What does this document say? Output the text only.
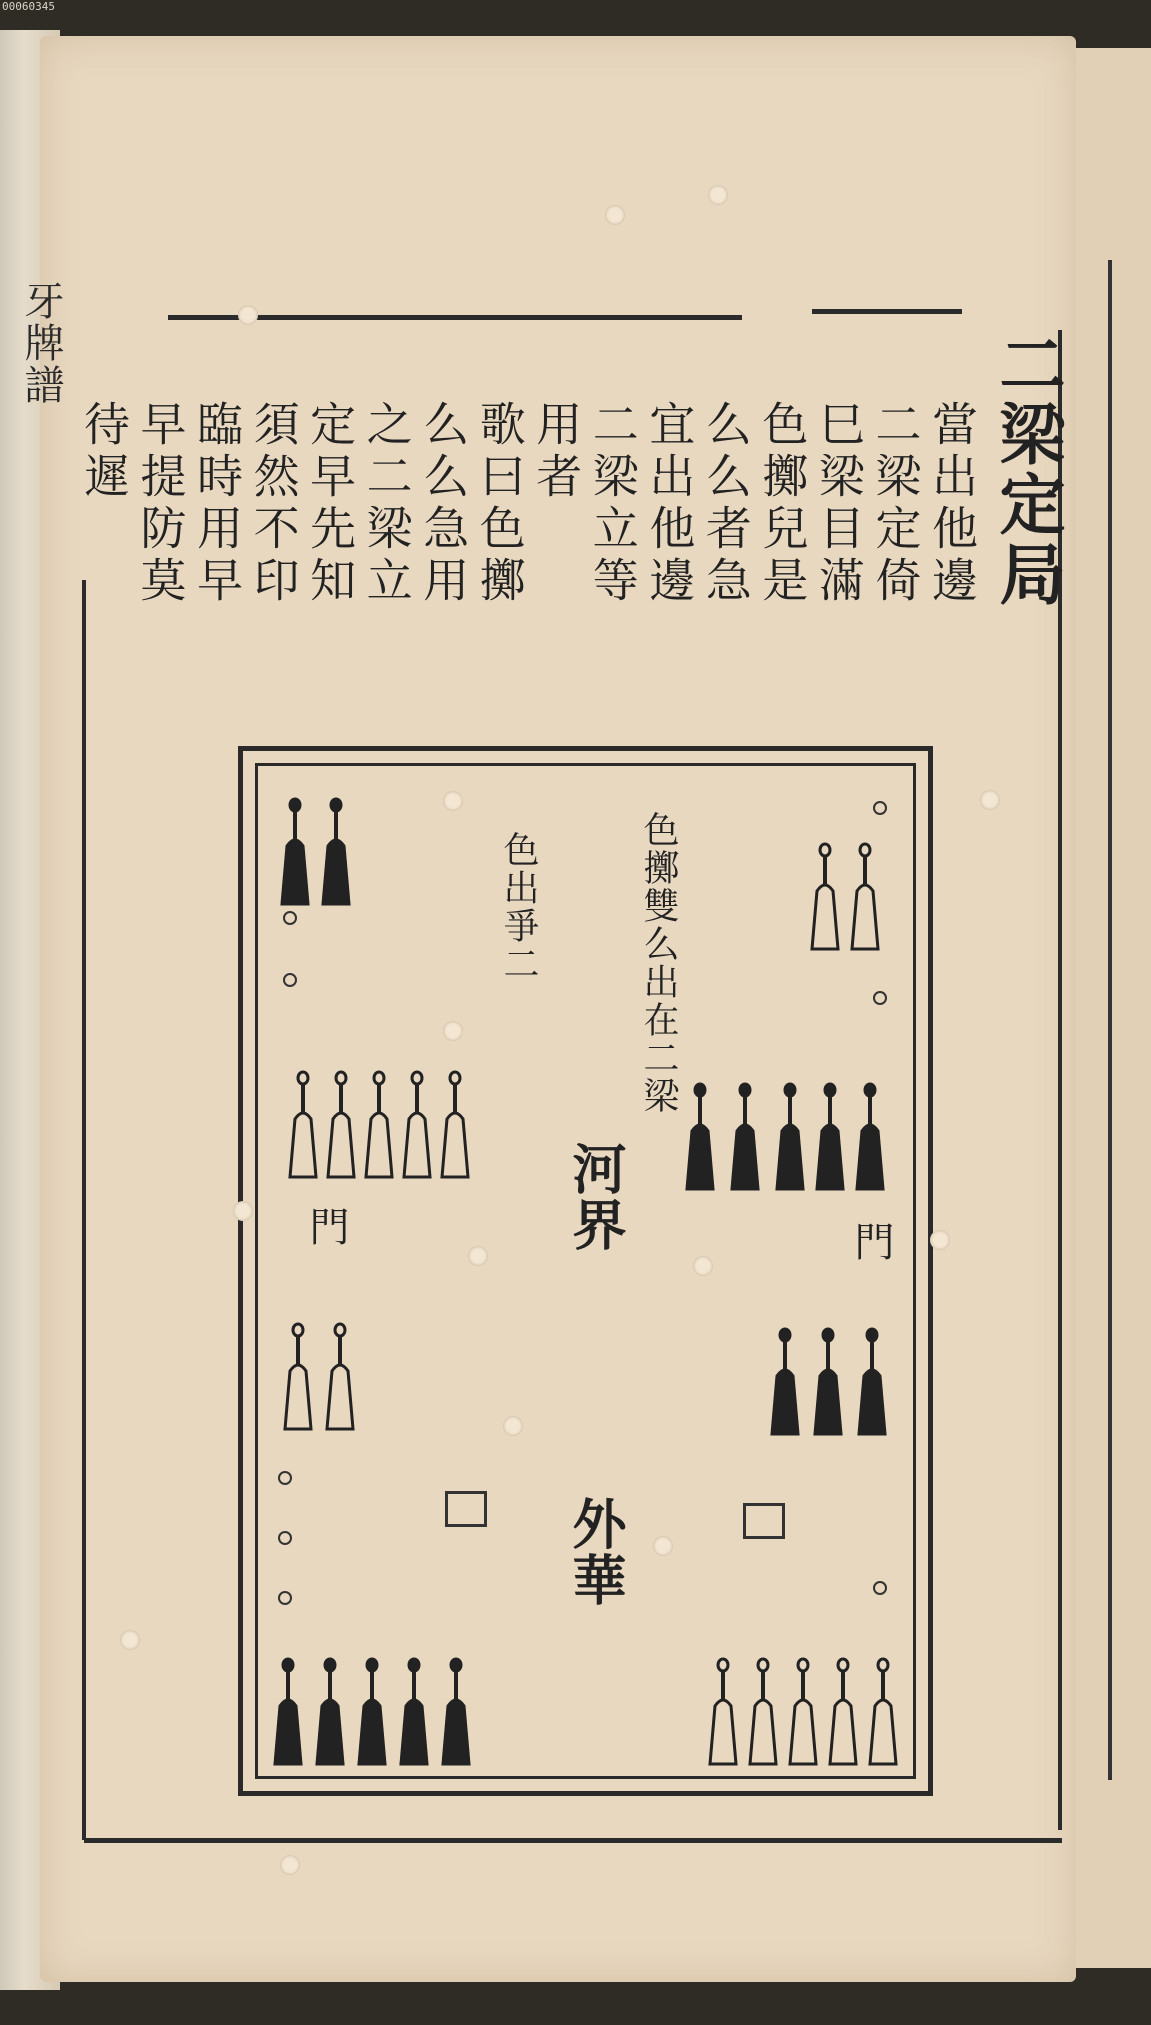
00060345
牙牌譜	二梁定局
當出他邊
二梁定倚
巳梁目滿
色擲兒是
么么者急
宜出他邊
二梁立等
用者
歌曰色擲
么么急用
之二梁立
定早先知
須然不印
臨時用早
早提防莫
待遲
色擲雙么出在二梁
色出爭二
河界	門
門
外華
